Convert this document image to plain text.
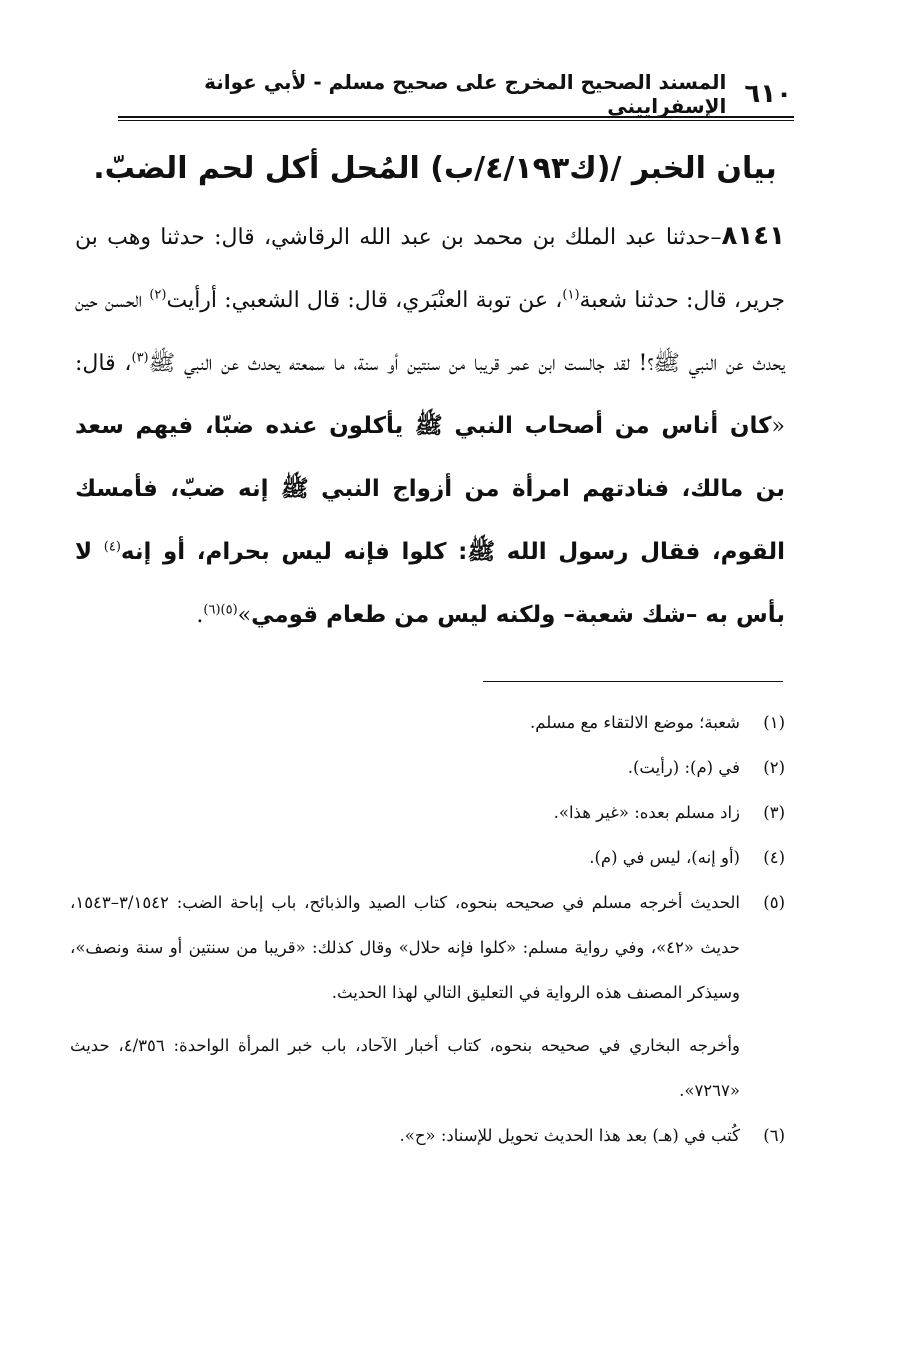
٦١٠
المسند الصحيح المخرج على صحيح مسلم - لأبي عوانة الإسفراييني
بيان الخبر /(ك٤/١٩٣/ب) المُحل أكل لحم الضبّ.
٨١٤١–حدثنا عبد الملك بن محمد بن عبد الله الرقاشي، قال: حدثنا وهب بن جرير، قال: حدثنا شعبة$^{(١)}$، عن توبة العنْبَري، قال: قال الشعبي: أرأيت$^{(٢)}$ الحسن حين يحدث عن النبي ﷺ؟! لقد جالست ابن عمر قريبا من سنتين أو سنة، ما سمعته يحدث عن النبي ﷺ$^{(٣)}$، قال: «كان أناس من أصحاب النبي ﷺ يأكلون عنده ضبّا، فيهم سعد بن مالك، فنادتهم امرأة من أزواج النبي ﷺ إنه ضبّ، فأمسك القوم، فقال رسول الله ﷺ: كلوا فإنه ليس بحرام، أو إنه$^{(٤)}$ لا بأس به –شك شعبة– ولكنه ليس من طعام قومي»$^{(٥)(٦)}$.
(١)
شعبة؛ موضع الالتقاء مع مسلم.
(٢)
في (م): (رأيت).
(٣)
زاد مسلم بعده: «غير هذا».
(٤)
(أو إنه)، ليس في (م).
(٥)
الحديث أخرجه مسلم في صحيحه بنحوه، كتاب الصيد والذبائح، باب إباحة الضب: ٣/١٥٤٢–١٥٤٣، حديث «٤٢»، وفي رواية مسلم: «كلوا فإنه حلال» وقال كذلك: «قريبا من سنتين أو سنة ونصف»، وسيذكر المصنف هذه الرواية في التعليق التالي لهذا الحديث.
وأخرجه البخاري في صحيحه بنحوه، كتاب أخبار الآحاد، باب خبر المرأة الواحدة: ٤/٣٥٦، حديث «٧٢٦٧».
(٦)
كُتب في (هـ) بعد هذا الحديث تحويل للإسناد: «ح».
